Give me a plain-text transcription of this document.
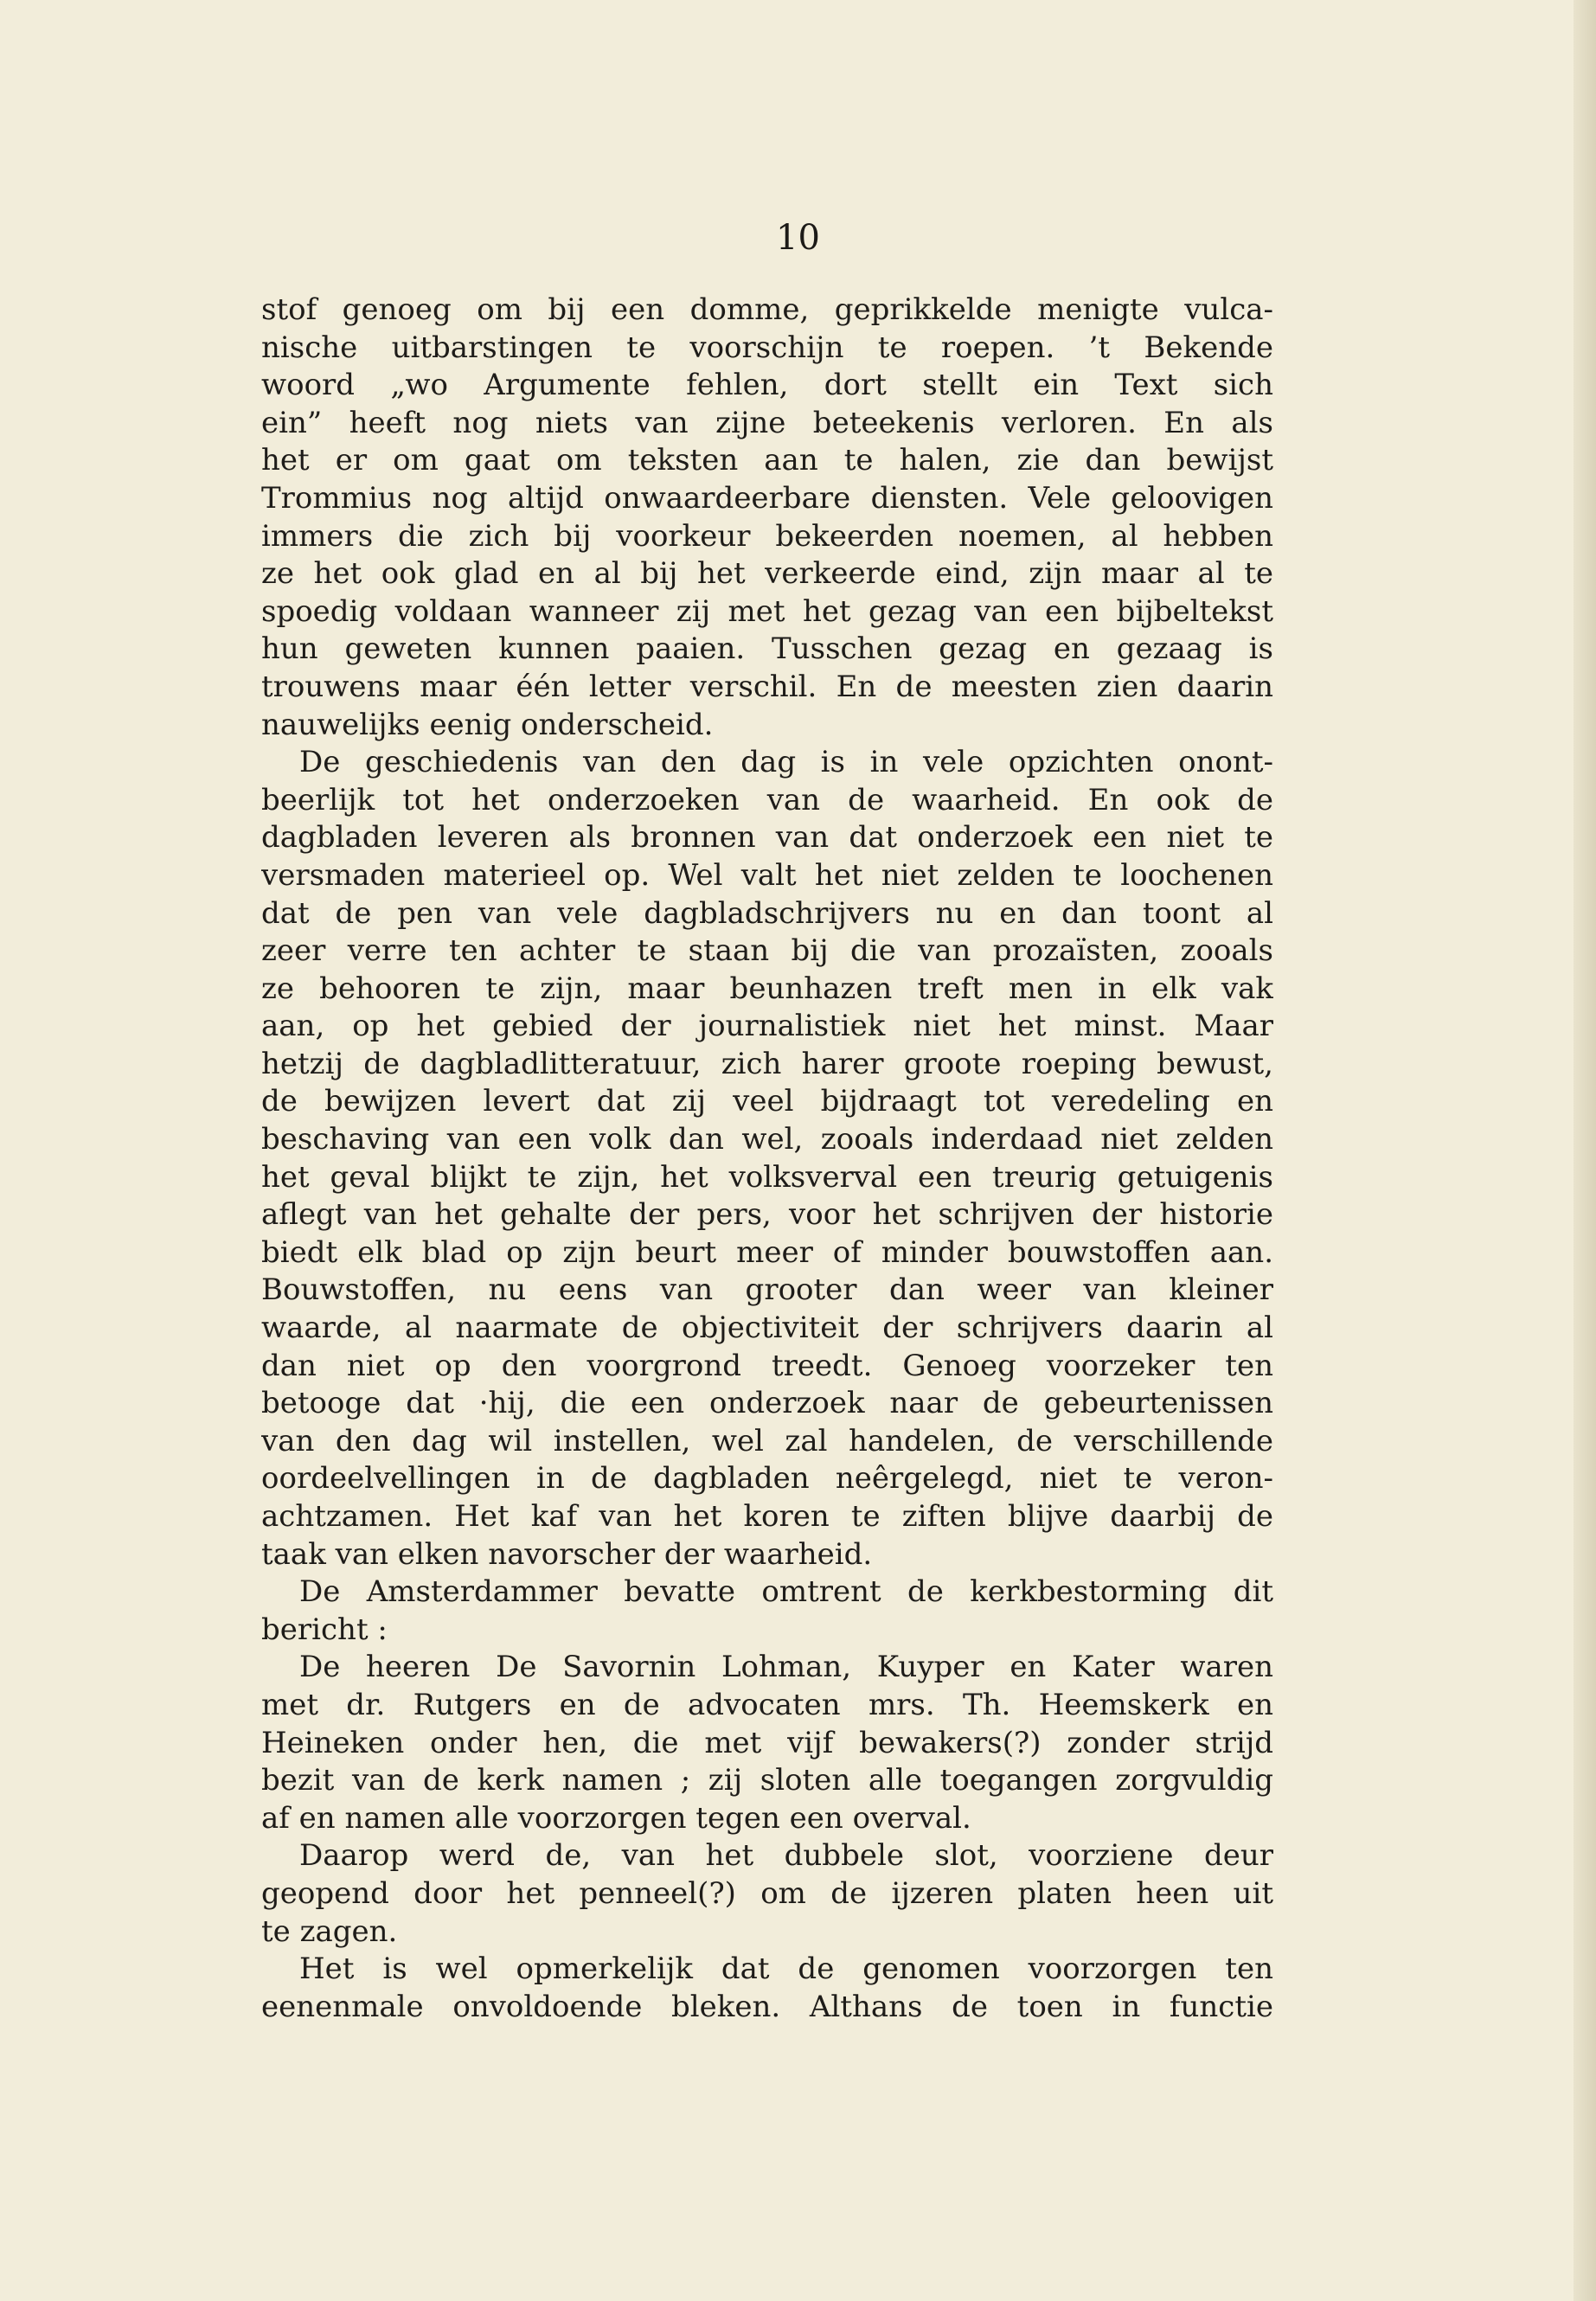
10
stof genoeg om bij een domme, geprikkelde menigte vulca-
nische uitbarstingen te voorschijn te roepen. ’t Bekende
woord „wo Argumente fehlen, dort stellt ein Text sich
ein” heeft nog niets van zijne beteekenis verloren. En als
het er om gaat om teksten aan te halen, zie dan bewijst
Trommius nog altijd onwaardeerbare diensten. Vele geloovigen
immers die zich bij voorkeur bekeerden noemen, al hebben
ze het ook glad en al bij het verkeerde eind, zijn maar al te
spoedig voldaan wanneer zij met het gezag van een bijbeltekst
hun geweten kunnen paaien. Tusschen gezag en gezaag is
trouwens maar één letter verschil. En de meesten zien daarin
nauwelijks eenig onderscheid.
De geschiedenis van den dag is in vele opzichten onont-
beerlijk tot het onderzoeken van de waarheid. En ook de
dagbladen leveren als bronnen van dat onderzoek een niet te
versmaden materieel op. Wel valt het niet zelden te loochenen
dat de pen van vele dagbladschrijvers nu en dan toont al
zeer verre ten achter te staan bij die van prozaïsten, zooals
ze behooren te zijn, maar beunhazen treft men in elk vak
aan, op het gebied der journalistiek niet het minst. Maar
hetzij de dagbladlitteratuur, zich harer groote roeping bewust,
de bewijzen levert dat zij veel bijdraagt tot veredeling en
beschaving van een volk dan wel, zooals inderdaad niet zelden
het geval blijkt te zijn, het volksverval een treurig getuigenis
aflegt van het gehalte der pers, voor het schrijven der historie
biedt elk blad op zijn beurt meer of minder bouwstoffen aan.
Bouwstoffen, nu eens van grooter dan weer van kleiner
waarde, al naarmate de objectiviteit der schrijvers daarin al
dan niet op den voorgrond treedt. Genoeg voorzeker ten
betooge dat ·hij, die een onderzoek naar de gebeurtenissen
van den dag wil instellen, wel zal handelen, de verschillende
oordeelvellingen in de dagbladen neêrgelegd, niet te veron-
achtzamen. Het kaf van het koren te ziften blijve daarbij de
taak van elken navorscher der waarheid.
De Amsterdammer bevatte omtrent de kerkbestorming dit
bericht :
De heeren De Savornin Lohman, Kuyper en Kater waren
met dr. Rutgers en de advocaten mrs. Th. Heemskerk en
Heineken onder hen, die met vijf bewakers(?) zonder strijd
bezit van de kerk namen ; zij sloten alle toegangen zorgvuldig
af en namen alle voorzorgen tegen een overval.
Daarop werd de, van het dubbele slot, voorziene deur
geopend door het penneel(?) om de ijzeren platen heen uit
te zagen.
Het is wel opmerkelijk dat de genomen voorzorgen ten
eenenmale onvoldoende bleken. Althans de toen in functie
